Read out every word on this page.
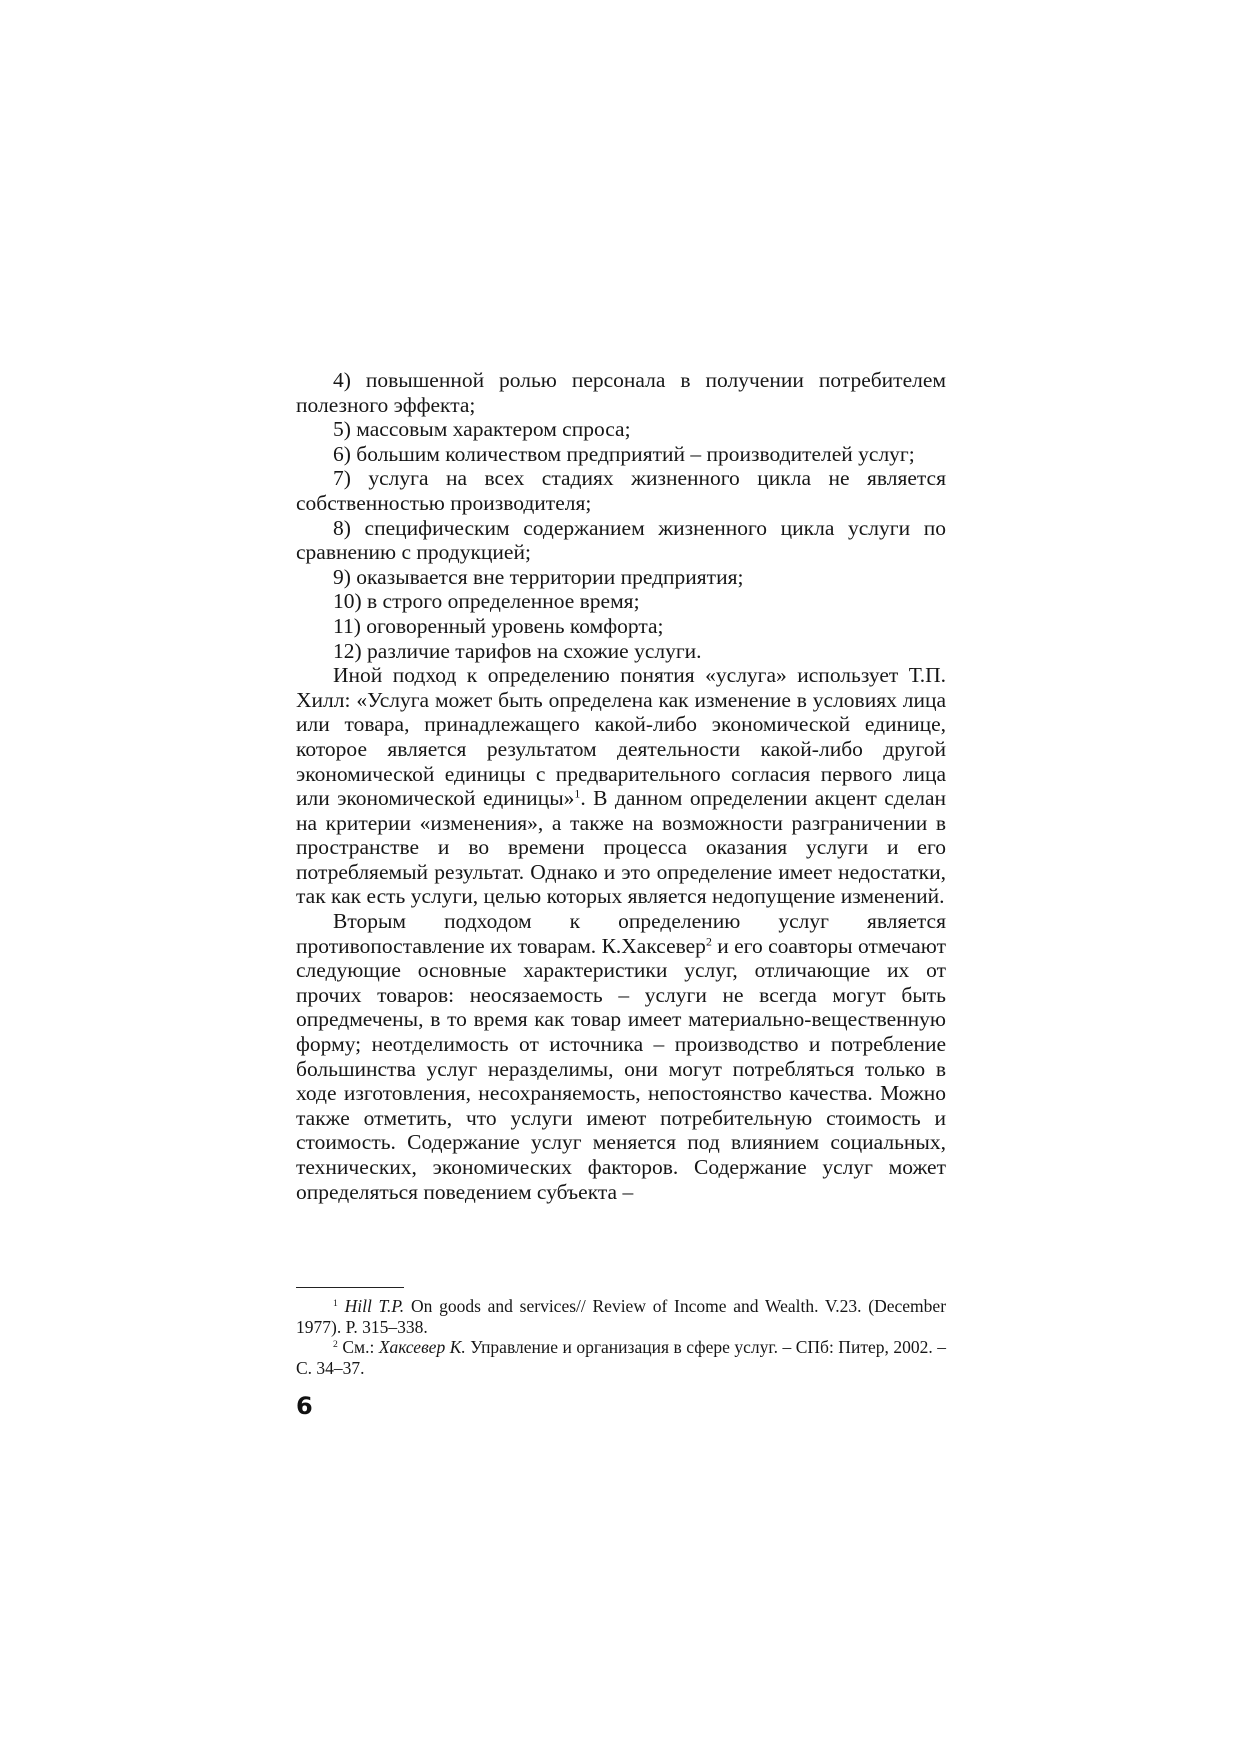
4) повышенной ролью персонала в получении потребителем полезного эффекта;

5) массовым характером спроса;

6) большим количеством предприятий – производителей услуг;

7) услуга на всех стадиях жизненного цикла не является собственностью производителя;

8) специфическим содержанием жизненного цикла услуги по сравнению с продукцией;

9) оказывается вне территории предприятия;

10) в строго определенное время;

11) оговоренный уровень комфорта;

12) различие тарифов на схожие услуги.

Иной подход к определению понятия «услуга» использует Т.П. Хилл: «Услуга может быть определена как изменение в условиях лица или товара, принадлежащего какой-либо экономической единице, которое является результатом деятельности какой-либо другой экономической единицы с предварительного согласия первого лица или экономической единицы»$^1$. В данном определении акцент сделан на критерии «изменения», а также на возможности разграничении в пространстве и во времени процесса оказания услуги и его потребляемый результат. Однако и это определение имеет недостатки, так как есть услуги, целью которых является недопущение изменений.

Вторым подходом к определению услуг является противопоставление их товарам. К.Хаксевер$^2$ и его соавторы отмечают следующие основные характеристики услуг, отличающие их от прочих товаров: неосязаемость – услуги не всегда могут быть опредмечены, в то время как товар имеет материально-вещественную форму; неотделимость от источника – производство и потребление большинства услуг неразделимы, они могут потребляться только в ходе изготовления, несохраняемость, непостоянство качества. Можно также отметить, что услуги имеют потребительную стоимость и стоимость. Содержание услуг меняется под влиянием социальных, технических, экономических факторов. Содержание услуг может определяться поведением субъекта –

$^1$ Hill T.P. On goods and services// Review of Income and Wealth. V.23. (December 1977). P. 315–338.

$^2$ См.: Хаксевер К. Управление и организация в сфере услуг. – СПб: Питер, 2002. – С. 34–37.

6
